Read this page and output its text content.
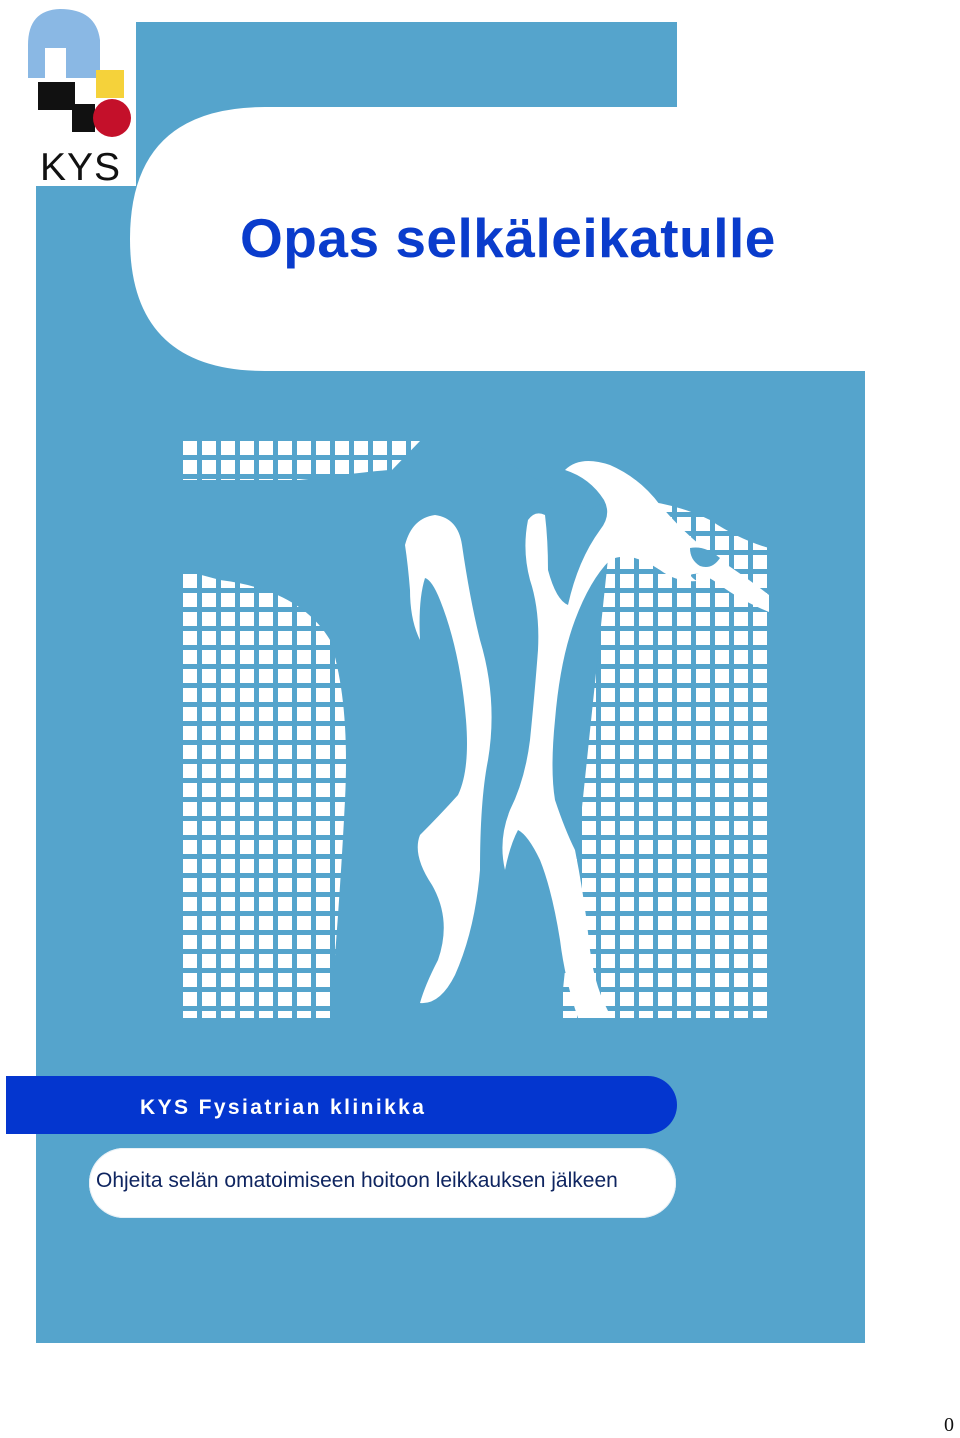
KYS
Opas selkäleikatulle
KYS Fysiatrian klinikka
Ohjeita selän omatoimiseen hoitoon leikkauksen jälkeen
0
